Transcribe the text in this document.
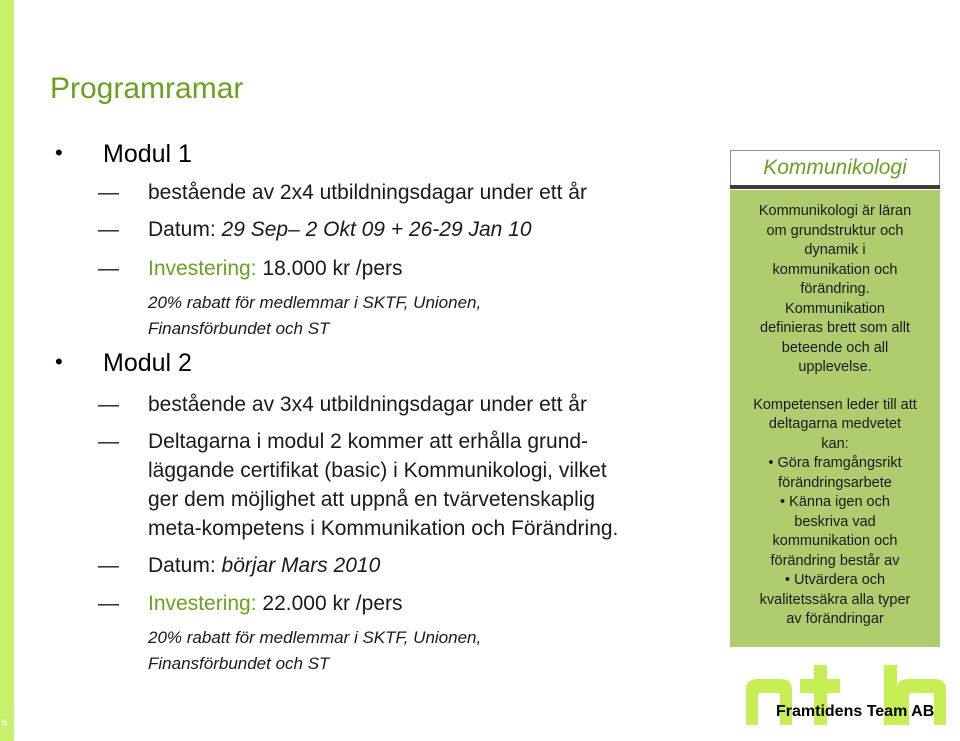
8
Programramar
• Modul 1
— bestående av 2x4 utbildningsdagar under ett år
— Datum: 29 Sep– 2 Okt 09 + 26-29 Jan 10
— Investering: 18.000 kr /pers
20% rabatt för medlemmar i SKTF, Unionen,
Finansförbundet och ST
• Modul 2
— bestående av 3x4 utbildningsdagar under ett år
— Deltagarna i modul 2 kommer att erhålla grund-
läggande certifikat (basic) i Kommunikologi, vilket
ger dem möjlighet att uppnå en tvärvetenskaplig
meta-kompetens i Kommunikation och Förändring.
— Datum: börjar Mars 2010
— Investering: 22.000 kr /pers
20% rabatt för medlemmar i SKTF, Unionen,
Finansförbundet och ST
Kommunikologi

Kommunikologi är läran

om grundstruktur och

dynamik i

kommunikation och

förändring.

Kommunikation

definieras brett som allt

beteende och all

upplevelse.

Kompetensen leder till att

deltagarna medvetet

kan:

• Göra framgångsrikt

förändringsarbete

• Känna igen och

beskriva vad

kommunikation och

förändring består av

• Utvärdera och

kvalitetssäkra alla typer

av förändringar

Framtidens Team AB
